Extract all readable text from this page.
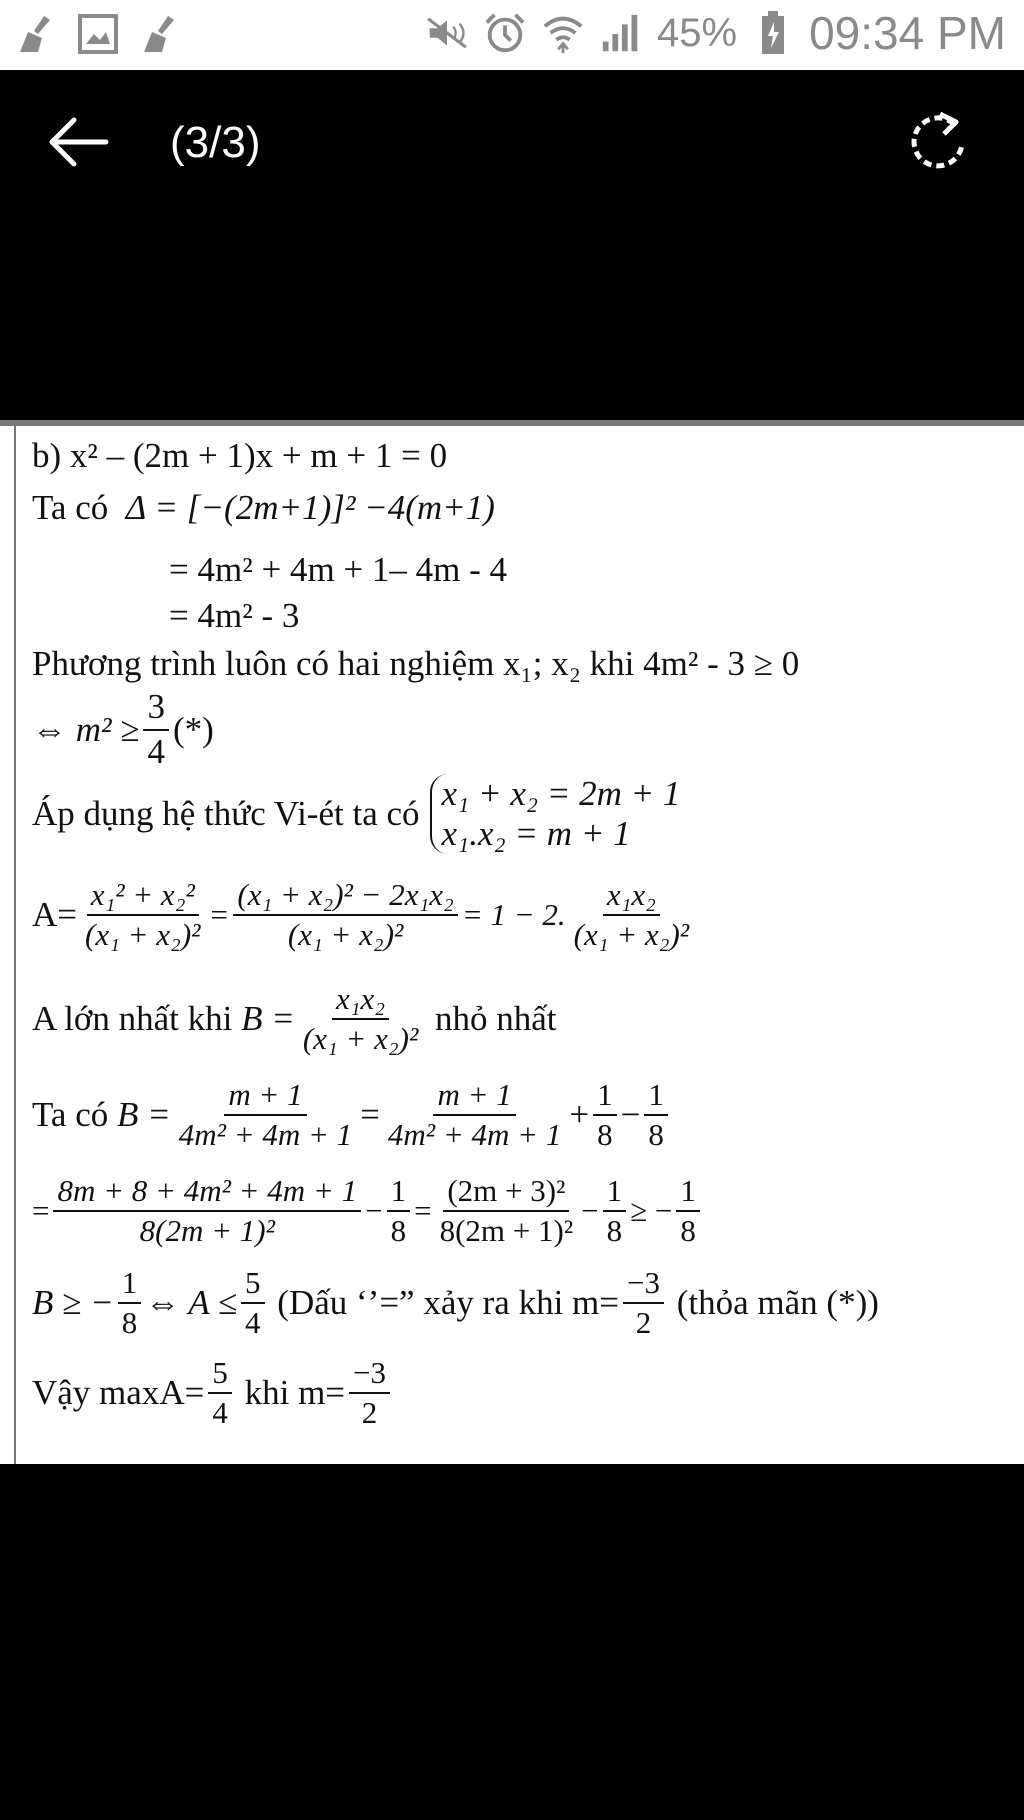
45% 09:34 PM
(3/3)
b) x² – (2m + 1)x + m + 1 = 0
Ta có
Δ = [−(2m+1)]² −4(m+1)
= 4m² + 4m + 1– 4m - 4
= 4m² - 3
Phương trình luôn có hai nghiệm x₁; x₂ khi 4m² - 3 ≥ 0
⇔ $m^2 \ge \frac{3}{4}$ (*)
Áp dụng hệ thức Vi-ét ta có
x₁ + x₂ = 2m + 1
x₁.x₂ = m + 1
$A= \frac{\text{x₁² + x₂²}}{\text{(x₁ + x₂)²}} = \frac{\text{(x₁ + x₂)² − 2x₁x₂}}{\text{(x₁ + x₂)²}} = 1 - 2$. $\frac{\text{x₁x₂}}{\text{(x₁ + x₂)²}}$
A lớn nhất khi
$B = \frac{\text{x₁x₂}}{\text{(x₁ + x₂)²}}$
nhỏ nhất
Ta có
$B = \frac{m + 1}{\text{4m² + 4m + 1}} = \frac{m + 1}{\text{4m² + 4m + 1}} + \frac{1}{8} - \frac{1}{8}$
= $\frac{\text{8m + 8 + 4m² + 4m + 1}}{\text{8(2m + 1)²}} - \frac{1}{8} = \frac{\text{(2m + 3)²}}{\text{8(2m + 1)²}} - \frac{1}{8}$ ≥ − $\frac{1}{8}$
B ≥ − $\frac{1}{8}$ ⇔ $A \le \frac{5}{4}$
(Dấu ‘’=” xảy ra khi $m= \frac{-3}{2}$
(thỏa mãn (*))
Vậy $\max A= \frac{5}{4}$
khi $m= \frac{-3}{2}$
